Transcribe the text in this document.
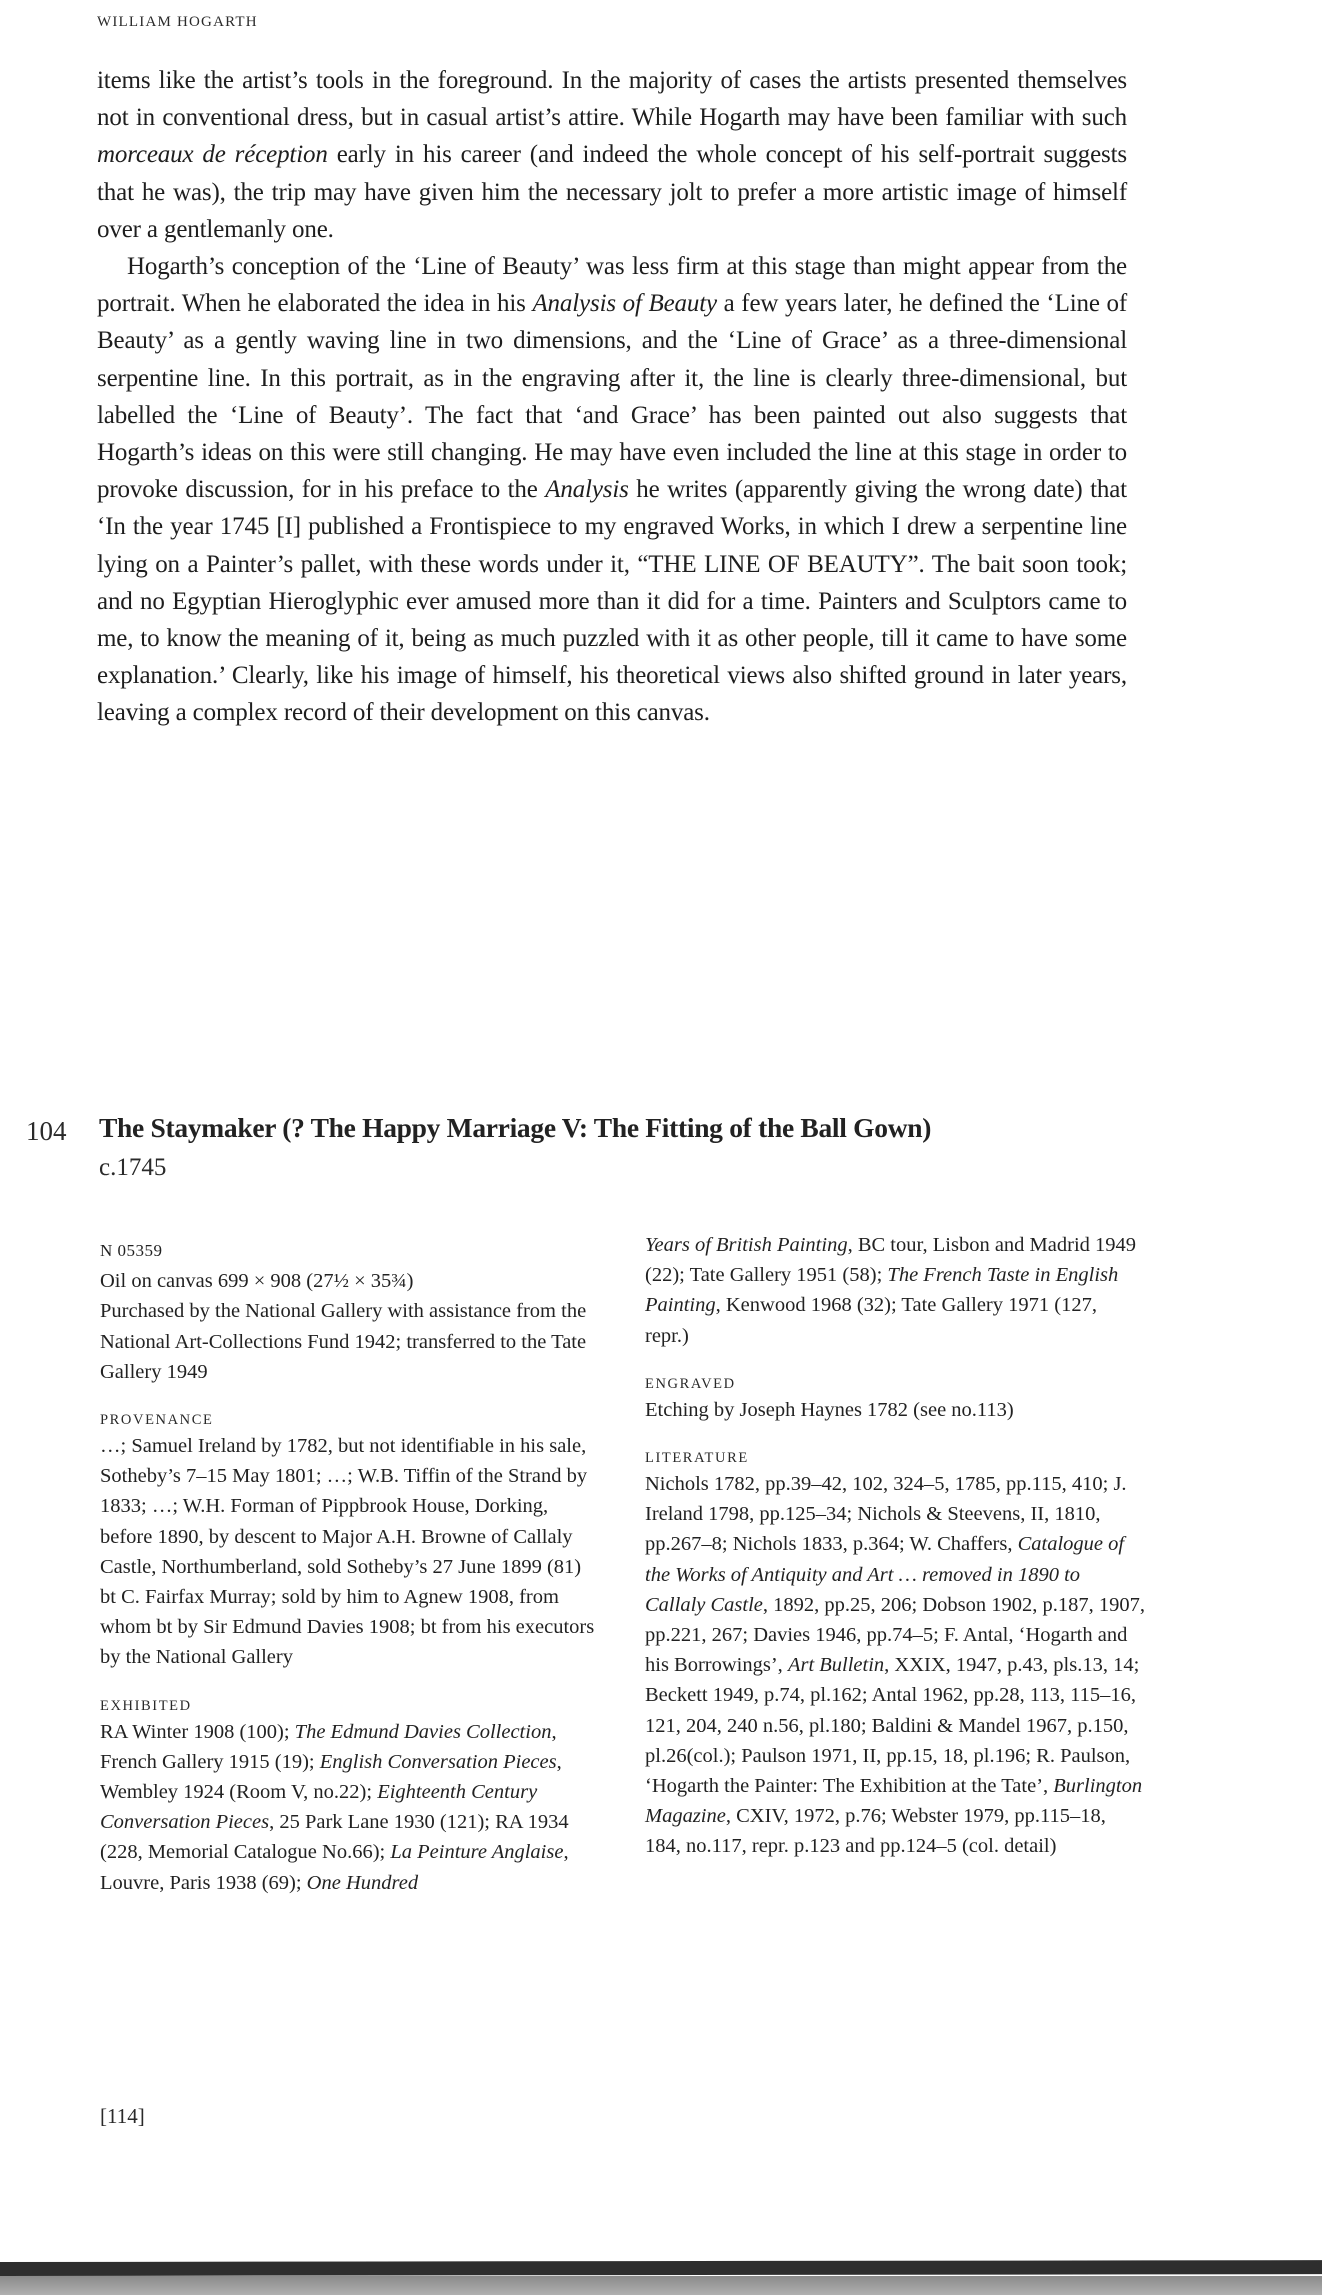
WILLIAM HOGARTH

items like the artist’s tools in the foreground. In the majority of cases the artists presented themselves not in conventional dress, but in casual artist’s attire. While Hogarth may have been familiar with such morceaux de réception early in his career (and indeed the whole concept of his self-portrait suggests that he was), the trip may have given him the necessary jolt to prefer a more artistic image of himself over a gentlemanly one.

Hogarth’s conception of the ‘Line of Beauty’ was less firm at this stage than might appear from the portrait. When he elaborated the idea in his Analysis of Beauty a few years later, he defined the ‘Line of Beauty’ as a gently waving line in two dimensions, and the ‘Line of Grace’ as a three-dimensional serpentine line. In this portrait, as in the engraving after it, the line is clearly three-dimensional, but labelled the ‘Line of Beauty’. The fact that ‘and Grace’ has been painted out also suggests that Hogarth’s ideas on this were still changing. He may have even included the line at this stage in order to provoke discussion, for in his preface to the Analysis he writes (apparently giving the wrong date) that ‘In the year 1745 [I] published a Frontispiece to my engraved Works, in which I drew a serpentine line lying on a Painter’s pallet, with these words under it, “THE LINE OF BEAUTY”. The bait soon took; and no Egyptian Hieroglyphic ever amused more than it did for a time. Painters and Sculptors came to me, to know the meaning of it, being as much puzzled with it as other people, till it came to have some explanation.’ Clearly, like his image of himself, his theoretical views also shifted ground in later years, leaving a complex record of their development on this canvas.

104 The Staymaker (? The Happy Marriage V: The Fitting of the Ball Gown)
c.1745
N 05359
Oil on canvas 699 × 908 (27½ × 35¾)
Purchased by the National Gallery with assistance from the National Art-Collections Fund 1942; transferred to the Tate Gallery 1949
PROVENANCE
…; Samuel Ireland by 1782, but not identifiable in his sale, Sotheby’s 7–15 May 1801; …; W.B. Tiffin of the Strand by 1833; …; W.H. Forman of Pippbrook House, Dorking, before 1890, by descent to Major A.H. Browne of Callaly Castle, Northumberland, sold Sotheby’s 27 June 1899 (81) bt C. Fairfax Murray; sold by him to Agnew 1908, from whom bt by Sir Edmund Davies 1908; bt from his executors by the National Gallery
EXHIBITED
RA Winter 1908 (100); The Edmund Davies Collection, French Gallery 1915 (19); English Conversation Pieces, Wembley 1924 (Room V, no.22); Eighteenth Century Conversation Pieces, 25 Park Lane 1930 (121); RA 1934 (228, Memorial Catalogue No.66); La Peinture Anglaise, Louvre, Paris 1938 (69); One Hundred
Years of British Painting, BC tour, Lisbon and Madrid 1949 (22); Tate Gallery 1951 (58); The French Taste in English Painting, Kenwood 1968 (32); Tate Gallery 1971 (127, repr.)
ENGRAVED
Etching by Joseph Haynes 1782 (see no.113)
LITERATURE
Nichols 1782, pp.39–42, 102, 324–5, 1785, pp.115, 410; J. Ireland 1798, pp.125–34; Nichols & Steevens, II, 1810, pp.267–8; Nichols 1833, p.364; W. Chaffers, Catalogue of the Works of Antiquity and Art … removed in 1890 to Callaly Castle, 1892, pp.25, 206; Dobson 1902, p.187, 1907, pp.221, 267; Davies 1946, pp.74–5; F. Antal, ‘Hogarth and his Borrowings’, Art Bulletin, XXIX, 1947, p.43, pls.13, 14; Beckett 1949, p.74, pl.162; Antal 1962, pp.28, 113, 115–16, 121, 204, 240 n.56, pl.180; Baldini & Mandel 1967, p.150, pl.26(col.); Paulson 1971, II, pp.15, 18, pl.196; R. Paulson, ‘Hogarth the Painter: The Exhibition at the Tate’, Burlington Magazine, CXIV, 1972, p.76; Webster 1979, pp.115–18, 184, no.117, repr. p.123 and pp.124–5 (col. detail)
[114]
